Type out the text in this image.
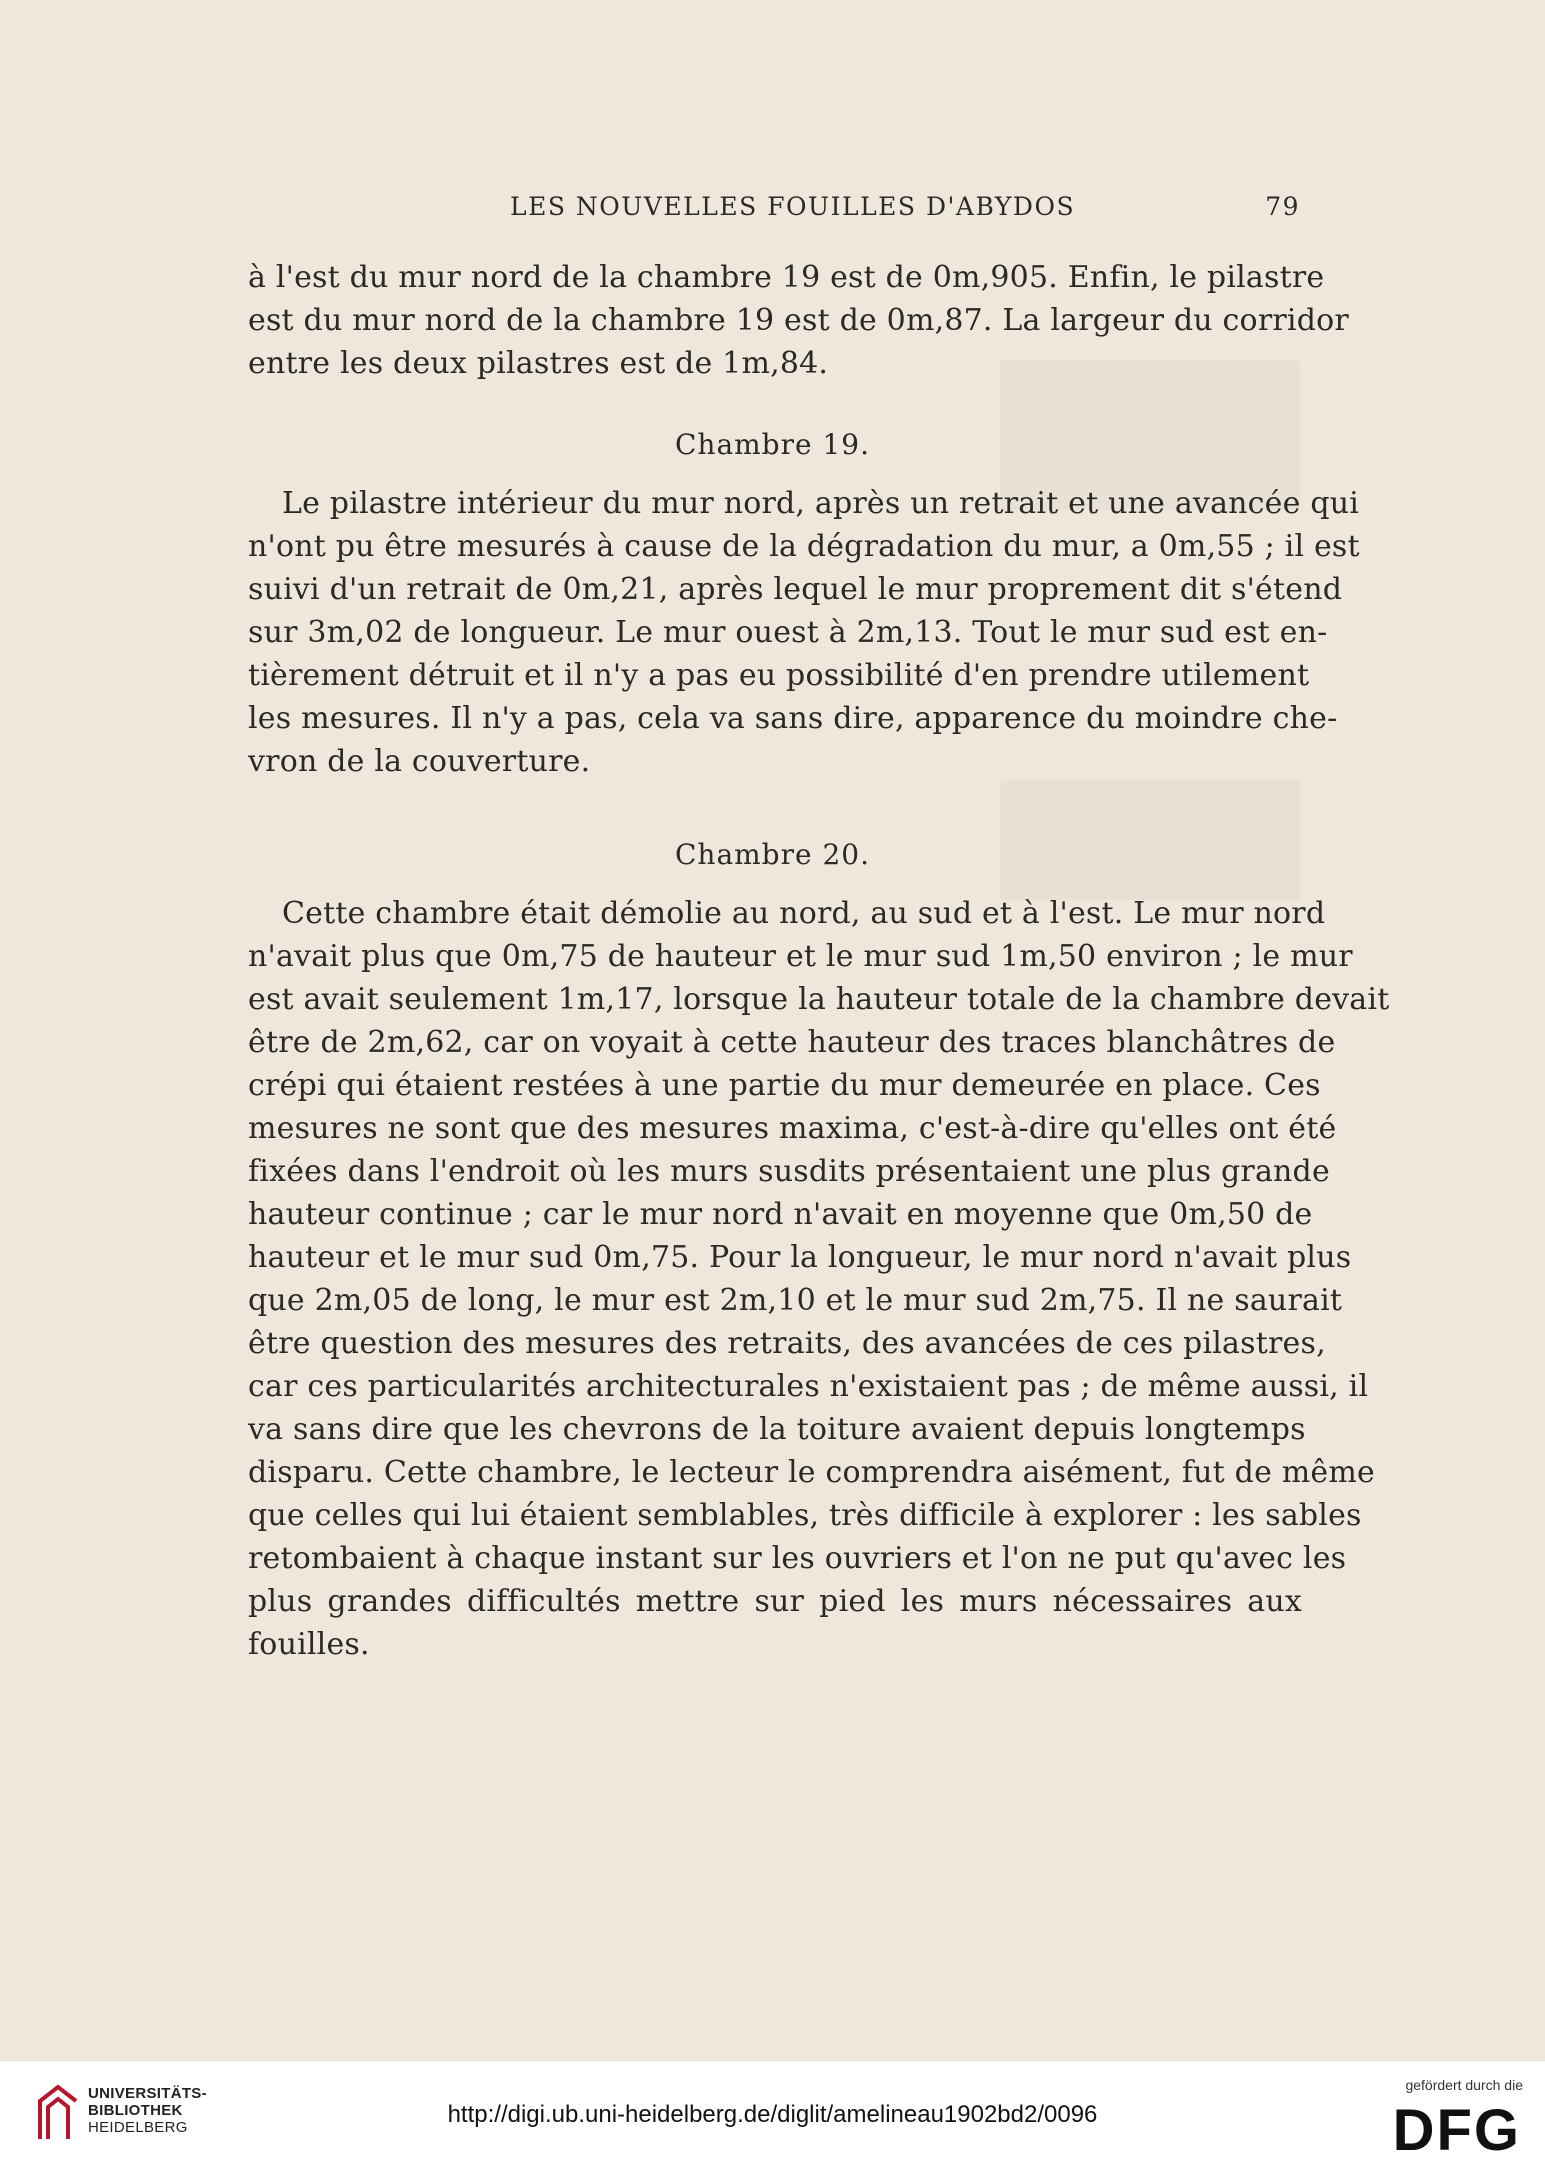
LES NOUVELLES FOUILLES D'ABYDOS	79
à l'est du mur nord de la chambre 19 est de 0m,905. Enfin, le pilastre
est du mur nord de la chambre 19 est de 0m,87. La largeur du corridor
entre les deux pilastres est de 1m,84.
Chambre 19.
Le pilastre intérieur du mur nord, après un retrait et une avancée qui
n'ont pu être mesurés à cause de la dégradation du mur, a 0m,55 ; il est
suivi d'un retrait de 0m,21, après lequel le mur proprement dit s'étend
sur 3m,02 de longueur. Le mur ouest à 2m,13. Tout le mur sud est en-
tièrement détruit et il n'y a pas eu possibilité d'en prendre utilement
les mesures. Il n'y a pas, cela va sans dire, apparence du moindre che-
vron de la couverture.
Chambre 20.
Cette chambre était démolie au nord, au sud et à l'est. Le mur nord
n'avait plus que 0m,75 de hauteur et le mur sud 1m,50 environ ; le mur
est avait seulement 1m,17, lorsque la hauteur totale de la chambre devait
être de 2m,62, car on voyait à cette hauteur des traces blanchâtres de
crépi qui étaient restées à une partie du mur demeurée en place. Ces
mesures ne sont que des mesures maxima, c'est-à-dire qu'elles ont été
fixées dans l'endroit où les murs susdits présentaient une plus grande
hauteur continue ; car le mur nord n'avait en moyenne que 0m,50 de
hauteur et le mur sud 0m,75. Pour la longueur, le mur nord n'avait plus
que 2m,05 de long, le mur est 2m,10 et le mur sud 2m,75. Il ne saurait
être question des mesures des retraits, des avancées de ces pilastres,
car ces particularités architecturales n'existaient pas ; de même aussi, il
va sans dire que les chevrons de la toiture avaient depuis longtemps
disparu. Cette chambre, le lecteur le comprendra aisément, fut de même
que celles qui lui étaient semblables, très difficile à explorer : les sables
retombaient à chaque instant sur les ouvriers et l'on ne put qu'avec les
plus grandes difficultés mettre sur pied les murs nécessaires aux
fouilles.
UNIVERSITÄTS-
BIBLIOTHEK
HEIDELBERG	http://digi.ub.uni-heidelberg.de/diglit/amelineau1902bd2/0096
gefördert durch die
DFG
